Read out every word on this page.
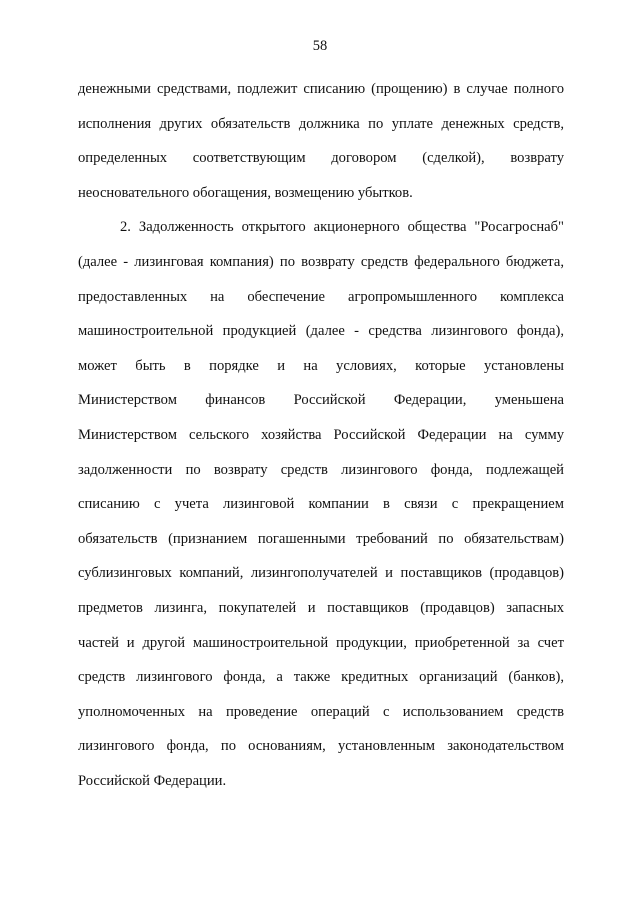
58
денежными средствами, подлежит списанию (прощению) в случае полного
исполнения других обязательств должника по уплате денежных средств,
определенных соответствующим договором (сделкой), возврату
неосновательного обогащения, возмещению убытков.
2. Задолженность открытого акционерного общества "Росагроснаб"
(далее - лизинговая компания) по возврату средств федерального бюджета,
предоставленных на обеспечение агропромышленного комплекса
машиностроительной продукцией (далее - средства лизингового фонда),
может быть в порядке и на условиях, которые установлены
Министерством финансов Российской Федерации, уменьшена
Министерством сельского хозяйства Российской Федерации на сумму
задолженности по возврату средств лизингового фонда, подлежащей
списанию с учета лизинговой компании в связи с прекращением
обязательств (признанием погашенными требований по обязательствам)
сублизинговых компаний, лизингополучателей и поставщиков (продавцов)
предметов лизинга, покупателей и поставщиков (продавцов) запасных
частей и другой машиностроительной продукции, приобретенной за счет
средств лизингового фонда, а также кредитных организаций (банков),
уполномоченных на проведение операций с использованием средств
лизингового фонда, по основаниям, установленным законодательством
Российской Федерации.
